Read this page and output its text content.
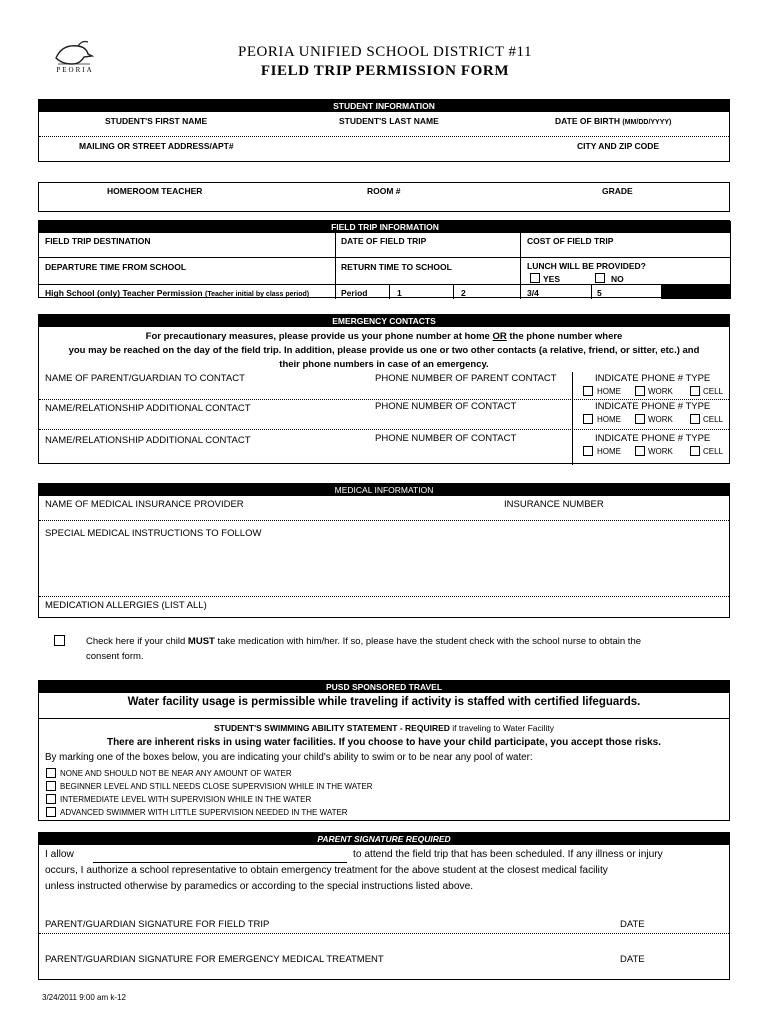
PEORIA
PEORIA UNIFIED SCHOOL DISTRICT #11
FIELD TRIP PERMISSION FORM
STUDENT INFORMATION
STUDENT'S FIRST NAME	STUDENT'S LAST NAME	DATE OF BIRTH (MM/DD/YYYY)
MAILING OR STREET ADDRESS/APT#	CITY AND ZIP CODE
HOMEROOM TEACHER	ROOM #	GRADE
FIELD TRIP INFORMATION
FIELD TRIP DESTINATION	DATE OF FIELD TRIP	COST OF FIELD TRIP
DEPARTURE TIME FROM SCHOOL	RETURN TIME TO SCHOOL	LUNCH WILL BE PROVIDED?
YES	NO
High School (only) Teacher Permission (Teacher initial by class period)	Period	1	2	3/4	5
EMERGENCY CONTACTS
For precautionary measures, please provide us your phone number at home OR the phone number where
you may be reached on the day of the field trip. In addition, please provide us one or two other contacts (a relative, friend, or sitter, etc.) and
their phone numbers in case of an emergency.
NAME OF PARENT/GUARDIAN TO CONTACT	PHONE NUMBER OF PARENT CONTACT	INDICATE PHONE # TYPE
HOME	WORK	CELL
NAME/RELATIONSHIP ADDITIONAL CONTACT	PHONE NUMBER OF CONTACT	INDICATE PHONE # TYPE
HOME	WORK	CELL
NAME/RELATIONSHIP ADDITIONAL CONTACT	PHONE NUMBER OF CONTACT	INDICATE PHONE # TYPE
HOME	WORK	CELL
MEDICAL INFORMATION
NAME OF MEDICAL INSURANCE PROVIDER	INSURANCE NUMBER
SPECIAL MEDICAL INSTRUCTIONS TO FOLLOW
MEDICATION ALLERGIES (LIST ALL)
Check here if your child MUST take medication with him/her. If so, please have the student check with the school nurse to obtain the
consent form.
PUSD SPONSORED TRAVEL
Water facility usage is permissible while traveling if activity is staffed with certified lifeguards.
STUDENT'S SWIMMING ABILITY STATEMENT - REQUIRED if traveling to Water Facility
There are inherent risks in using water facilities. If you choose to have your child participate, you accept those risks.
By marking one of the boxes below, you are indicating your child's ability to swim or to be near any pool of water:
NONE AND SHOULD NOT BE NEAR ANY AMOUNT OF WATER
BEGINNER LEVEL AND STILL NEEDS CLOSE SUPERVISION WHILE IN THE WATER
INTERMEDIATE LEVEL WITH SUPERVISION WHILE IN THE WATER
ADVANCED SWIMMER WITH LITTLE SUPERVISION NEEDED IN THE WATER
PARENT SIGNATURE REQUIRED
I allow	to attend the field trip that has been scheduled. If any illness or injury
occurs, I authorize a school representative to obtain emergency treatment for the above student at the closest medical facility
unless instructed otherwise by paramedics or according to the special instructions listed above.
PARENT/GUARDIAN SIGNATURE FOR FIELD TRIP	DATE
PARENT/GUARDIAN SIGNATURE FOR EMERGENCY MEDICAL TREATMENT	DATE
3/24/2011 9:00 am k-12
